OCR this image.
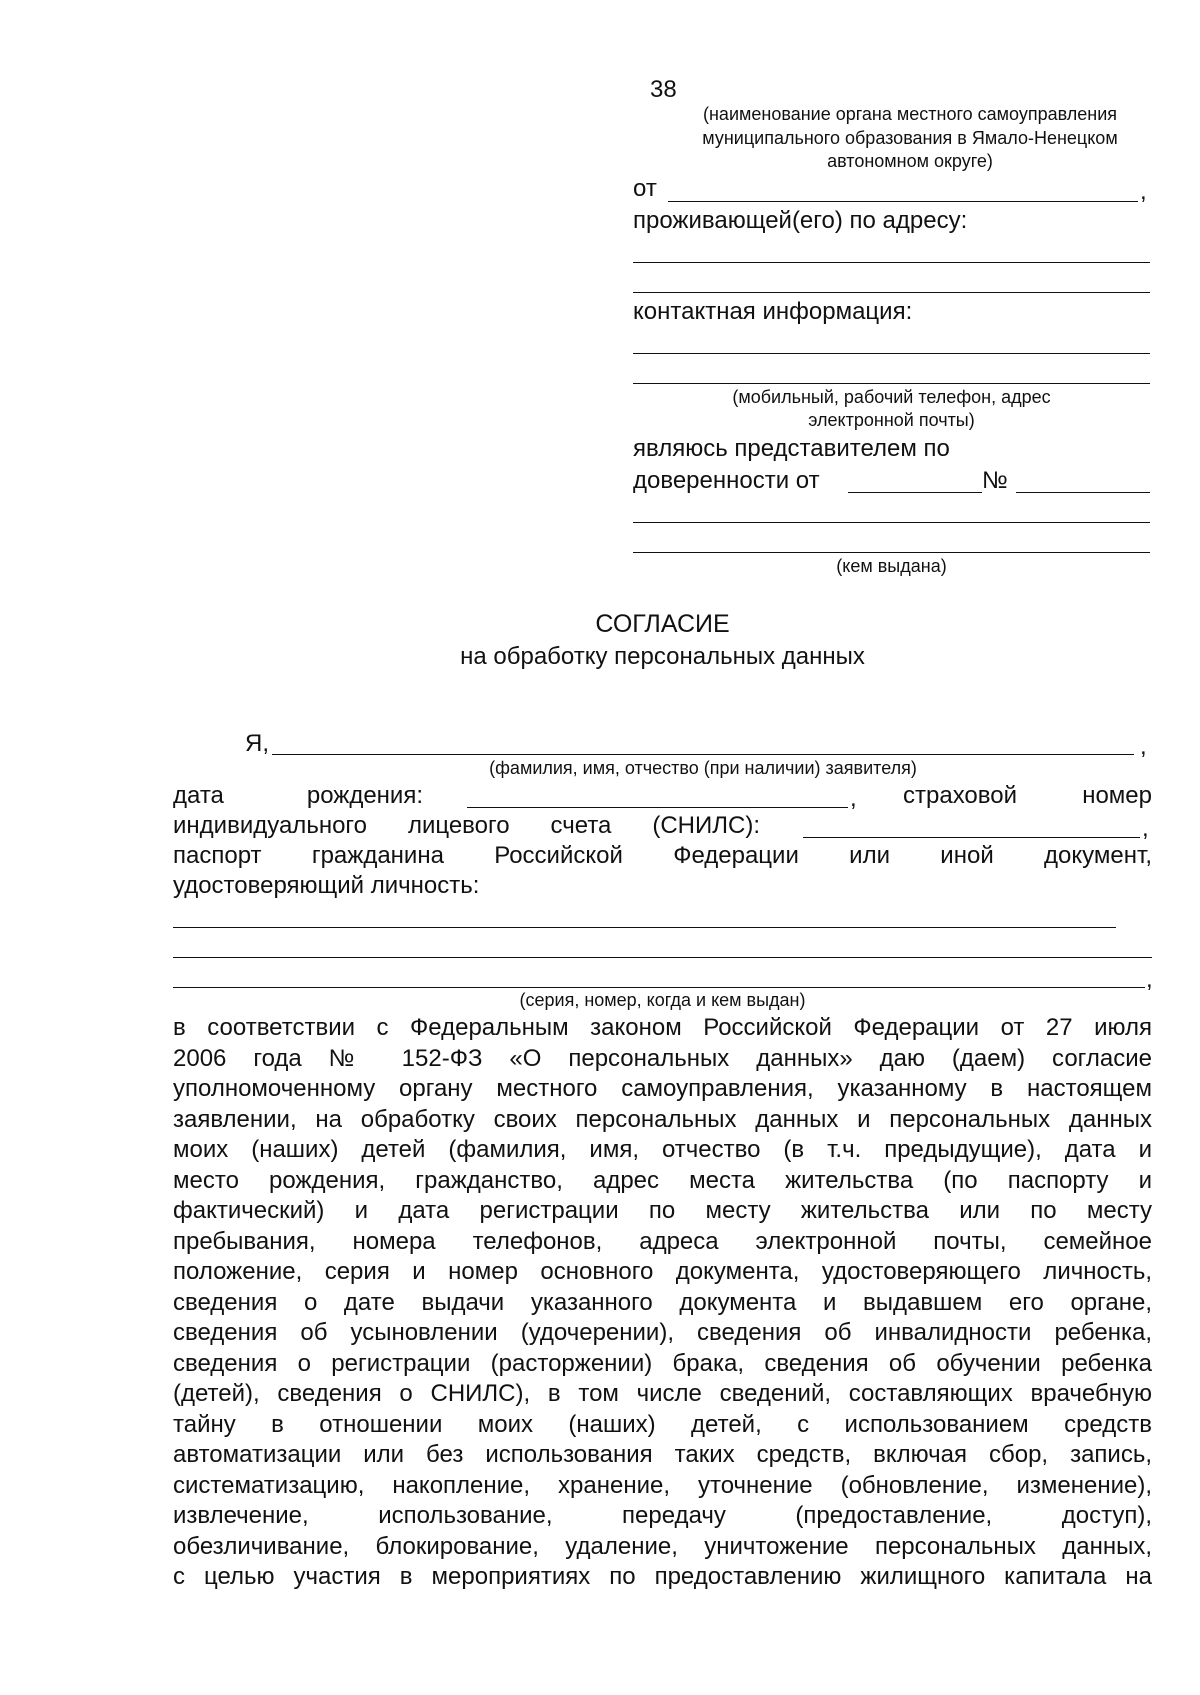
38
(наименование органа местного самоуправления
муниципального образования в Ямало-Ненецком
автономном округе)
от	,
проживающей(его) по адресу:
контактная информация:
(мобильный, рабочий телефон, адрес
электронной почты)
являюсь представителем по
доверенности от	№
(кем выдана)
СОГЛАСИЕ
на обработку персональных данных
Я,	,
(фамилия, имя, отчество (при наличии) заявителя)
дата рождения:	, страховой номер
индивидуального лицевого счета (СНИЛС):	,
паспорт гражданина Российской Федерации или иной документ,
удостоверяющий личность:
,
(серия, номер, когда и кем выдан)
в соответствии с Федеральным законом Российской Федерации от 27 июля
2006 года № 152-ФЗ «О персональных данных» даю (даем) согласие
уполномоченному органу местного самоуправления, указанному в настоящем
заявлении, на обработку своих персональных данных и персональных данных
моих (наших) детей (фамилия, имя, отчество (в т.ч. предыдущие), дата и
место рождения, гражданство, адрес места жительства (по паспорту и
фактический) и дата регистрации по месту жительства или по месту
пребывания, номера телефонов, адреса электронной почты, семейное
положение, серия и номер основного документа, удостоверяющего личность,
сведения о дате выдачи указанного документа и выдавшем его органе,
сведения об усыновлении (удочерении), сведения об инвалидности ребенка,
сведения о регистрации (расторжении) брака, сведения об обучении ребенка
(детей), сведения о СНИЛС), в том числе сведений, составляющих врачебную
тайну в отношении моих (наших) детей, с использованием средств
автоматизации или без использования таких средств, включая сбор, запись,
систематизацию, накопление, хранение, уточнение (обновление, изменение),
извлечение, использование, передачу (предоставление, доступ),
обезличивание, блокирование, удаление, уничтожение персональных данных,
с целью участия в мероприятиях по предоставлению жилищного капитала на
